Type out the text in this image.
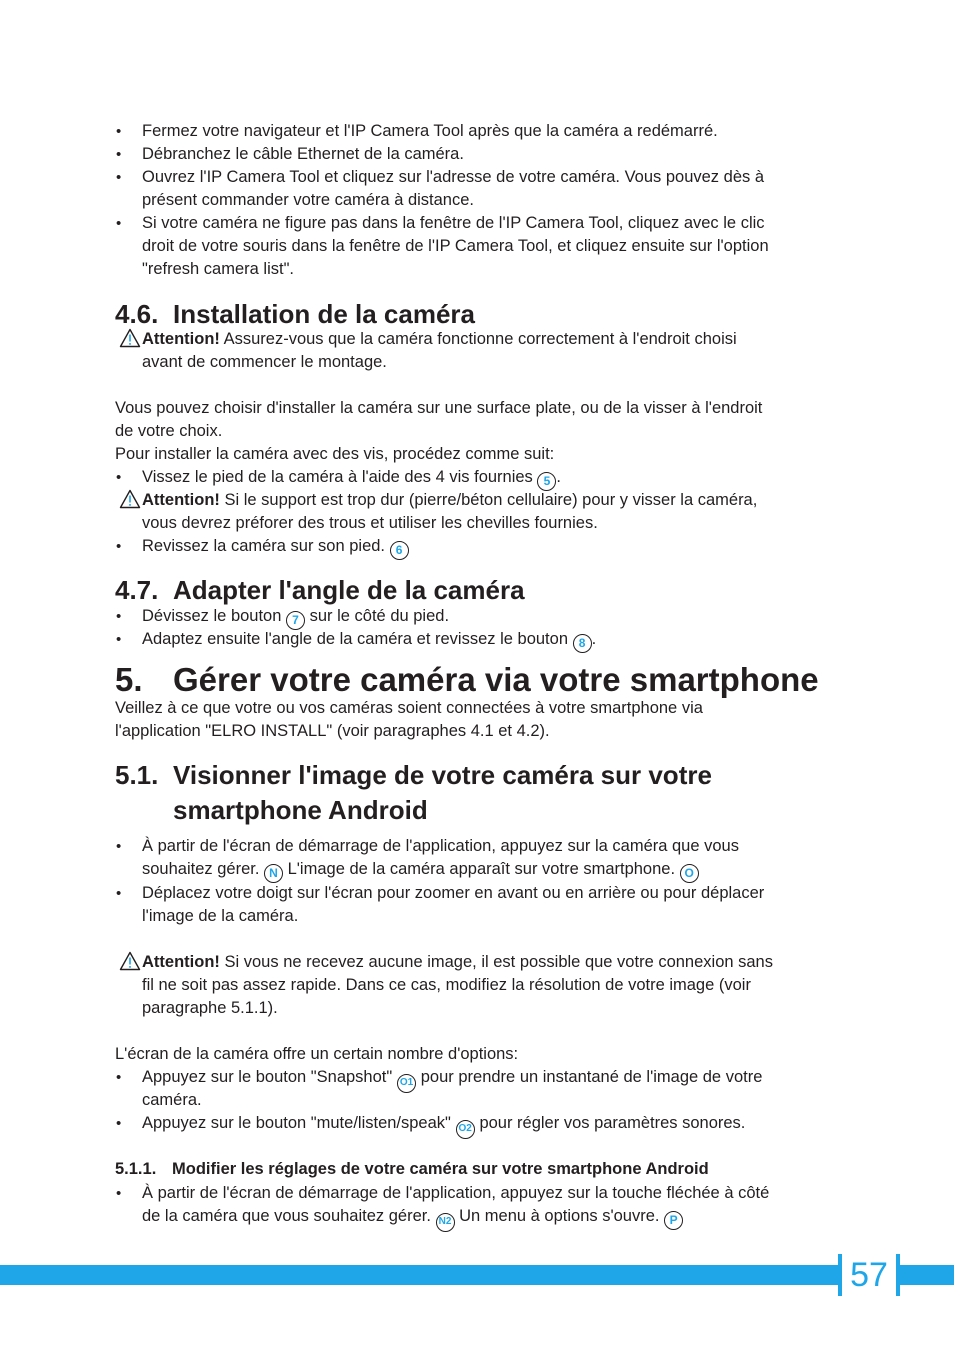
• Fermez votre navigateur et l'IP Camera Tool après que la caméra a redémarré.
• Débranchez le câble Ethernet de la caméra.
• Ouvrez l'IP Camera Tool et cliquez sur l'adresse de votre caméra. Vous pouvez dès à
présent commander votre caméra à distance.
• Si votre caméra ne figure pas dans la fenêtre de l'IP Camera Tool, cliquez avec le clic
droit de votre souris dans la fenêtre de l'IP Camera Tool, et cliquez ensuite sur l'option
"refresh camera list".
4.6. Installation de la caméra
Attention! Assurez-vous que la caméra fonctionne correctement à l'endroit choisi
avant de commencer le montage.
Vous pouvez choisir d'installer la caméra sur une surface plate, ou de la visser à l'endroit
de votre choix.
Pour installer la caméra avec des vis, procédez comme suit:
• Vissez le pied de la caméra à l'aide des 4 vis fournies 5 .
Attention! Si le support est trop dur (pierre/béton cellulaire) pour y visser la caméra,
vous devrez préforer des trous et utiliser les chevilles fournies.
• Revissez la caméra sur son pied. 6
4.7. Adapter l'angle de la caméra
• Dévissez le bouton 7 sur le côté du pied.
• Adaptez ensuite l'angle de la caméra et revissez le bouton 8 .
5. Gérer votre caméra via votre smartphone
Veillez à ce que votre ou vos caméras soient connectées à votre smartphone via
l'application "ELRO INSTALL" (voir paragraphes 4.1 et 4.2).
5.1. Visionner l'image de votre caméra sur votre
smartphone Android
• À partir de l'écran de démarrage de l'application, appuyez sur la caméra que vous
souhaitez gérer. N L'image de la caméra apparaît sur votre smartphone. O
• Déplacez votre doigt sur l'écran pour zoomer en avant ou en arrière ou pour déplacer
l'image de la caméra.
Attention! Si vous ne recevez aucune image, il est possible que votre connexion sans
fil ne soit pas assez rapide. Dans ce cas, modifiez la résolution de votre image (voir
paragraphe 5.1.1).
L'écran de la caméra offre un certain nombre d'options:
• Appuyez sur le bouton "Snapshot" O1 pour prendre un instantané de l'image de votre
caméra.
• Appuyez sur le bouton "mute/listen/speak" O2 pour régler vos paramètres sonores.
5.1.1. Modifier les réglages de votre caméra sur votre smartphone Android
• À partir de l'écran de démarrage de l'application, appuyez sur la touche fléchée à côté
de la caméra que vous souhaitez gérer. N2 Un menu à options s'ouvre. P
57
